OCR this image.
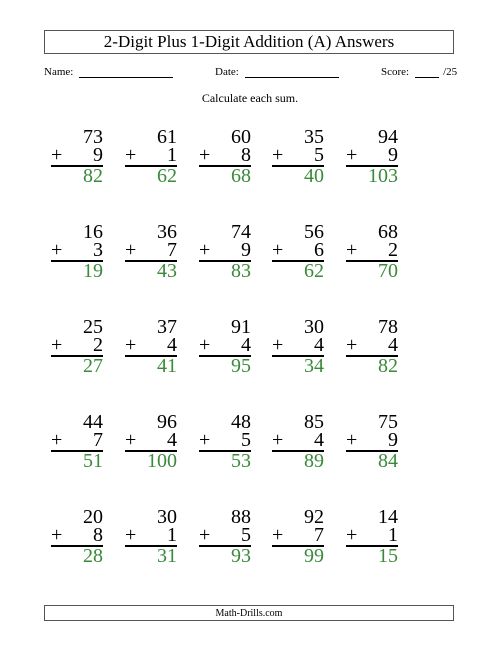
2-Digit Plus 1-Digit Addition (A) Answers
Name:	Date:	Score:	/25
Calculate each sum.
73
+ 9
82
61
+ 1
62
60
+ 8
68
35
+ 5
40
94
+ 9
103
16
+ 3
19
36
+ 7
43
74
+ 9
83
56
+ 6
62
68
+ 2
70
25
+ 2
27
37
+ 4
41
91
+ 4
95
30
+ 4
34
78
+ 4
82
44
+ 7
51
96
+ 4
100
48
+ 5
53
85
+ 4
89
75
+ 9
84
20
+ 8
28
30
+ 1
31
88
+ 5
93
92
+ 7
99
14
+ 1
15
Math-Drills.com
